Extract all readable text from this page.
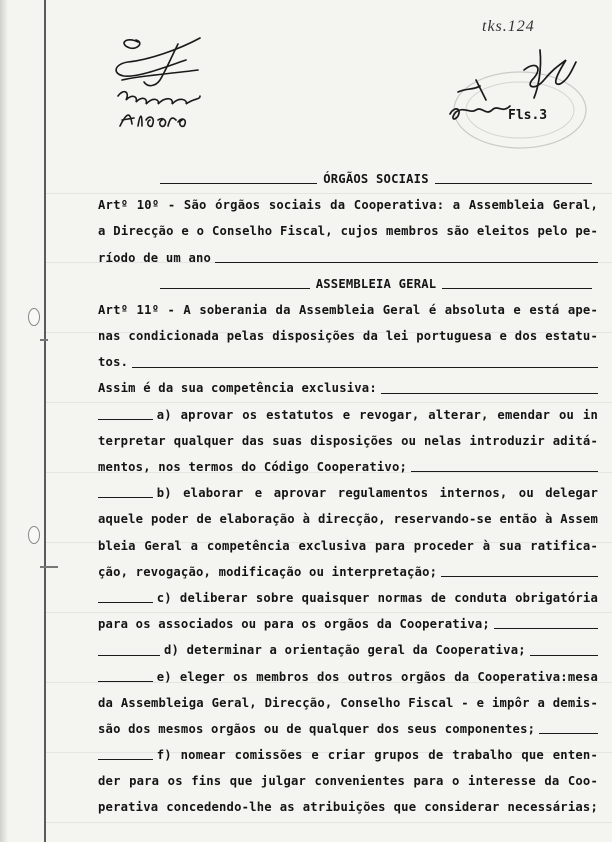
tks.124
Fls.3
ÓRGÃOS SOCIAIS
Artº 10º - São órgãos sociais da Cooperativa: a Assembleia Geral,
a Direcção e o Conselho Fiscal, cujos membros são eleitos pelo pe-
ríodo de um ano
ASSEMBLEIA GERAL
Artº 11º - A soberania da Assembleia Geral é absoluta e está ape-
nas condicionada pelas disposições da lei portuguesa e dos estatu-
tos.
Assim é da sua competência exclusiva:
a) aprovar os estatutos e revogar, alterar, emendar ou in
terpretar qualquer das suas disposições ou nelas introduzir aditá-
mentos, nos termos do Código Cooperativo;
b) elaborar e aprovar regulamentos internos, ou delegar
aquele poder de elaboração à direcção, reservando-se então à Assem
bleia Geral a competência exclusiva para proceder à sua ratifica-
ção, revogação, modificação ou interpretação;
c) deliberar sobre quaisquer normas de conduta obrigatória
para os associados ou para os orgãos da Cooperativa;
d) determinar a orientação geral da Cooperativa;
e) eleger os membros dos outros orgãos da Cooperativa:mesa
da Assembleiga Geral, Direcção, Conselho Fiscal - e impôr a demis-
são dos mesmos orgãos ou de qualquer dos seus componentes;
f) nomear comissões e criar grupos de trabalho que enten-
der para os fins que julgar convenientes para o interesse da Coo-
perativa concedendo-lhe as atribuições que considerar necessárias;
